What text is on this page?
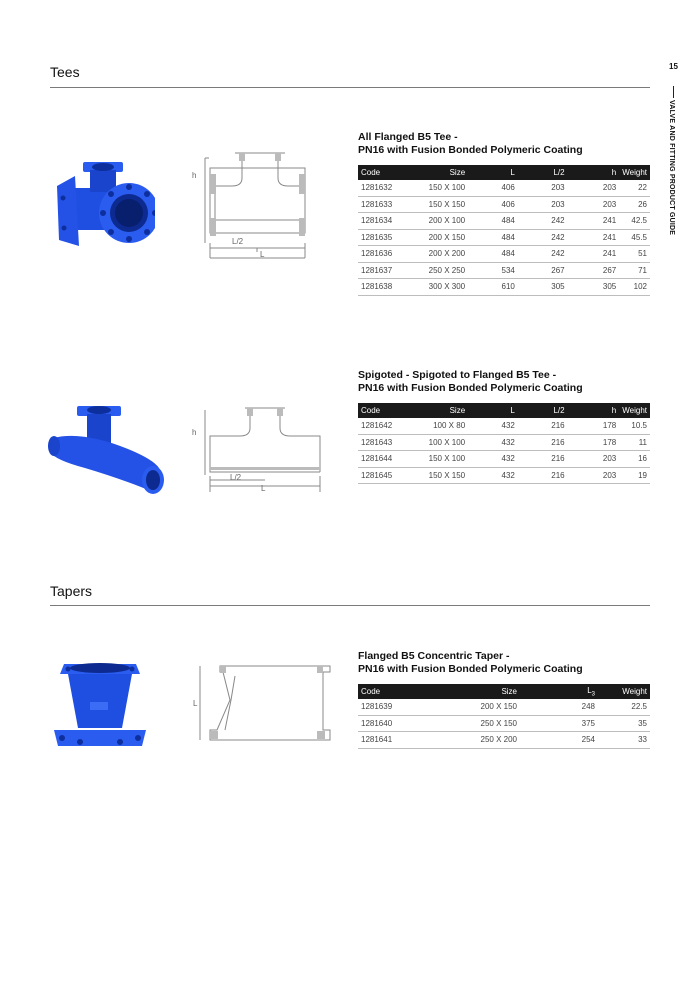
15
VALVE AND FITTING PRODUCT GUIDE
Tees
h
L/2
L
All Flanged B5 Tee -
PN16 with Fusion Bonded Polymeric Coating
Code	Size	L	L/2	h	Weight
1281632	150 X 100	406	203	203	22
1281633	150 X 150	406	203	203	26
1281634	200 X 100	484	242	241	42.5
1281635	200 X 150	484	242	241	45.5
1281636	200 X 200	484	242	241	51
1281637	250 X 250	534	267	267	71
1281638	300 X 300	610	305	305	102
h
L/2
L
Spigoted - Spigoted to Flanged B5 Tee -
PN16 with Fusion Bonded Polymeric Coating
Code	Size	L	L/2	h	Weight
1281642	100 X 80	432	216	178	10.5
1281643	100 X 100	432	216	178	11
1281644	150 X 100	432	216	203	16
1281645	150 X 150	432	216	203	19
Tapers
L
Flanged B5 Concentric Taper -
PN16 with Fusion Bonded Polymeric Coating
Code	Size	$L_3$	Weight
1281639	200 X 150	248	22.5
1281640	250 X 150	375	35
1281641	250 X 200	254	33
